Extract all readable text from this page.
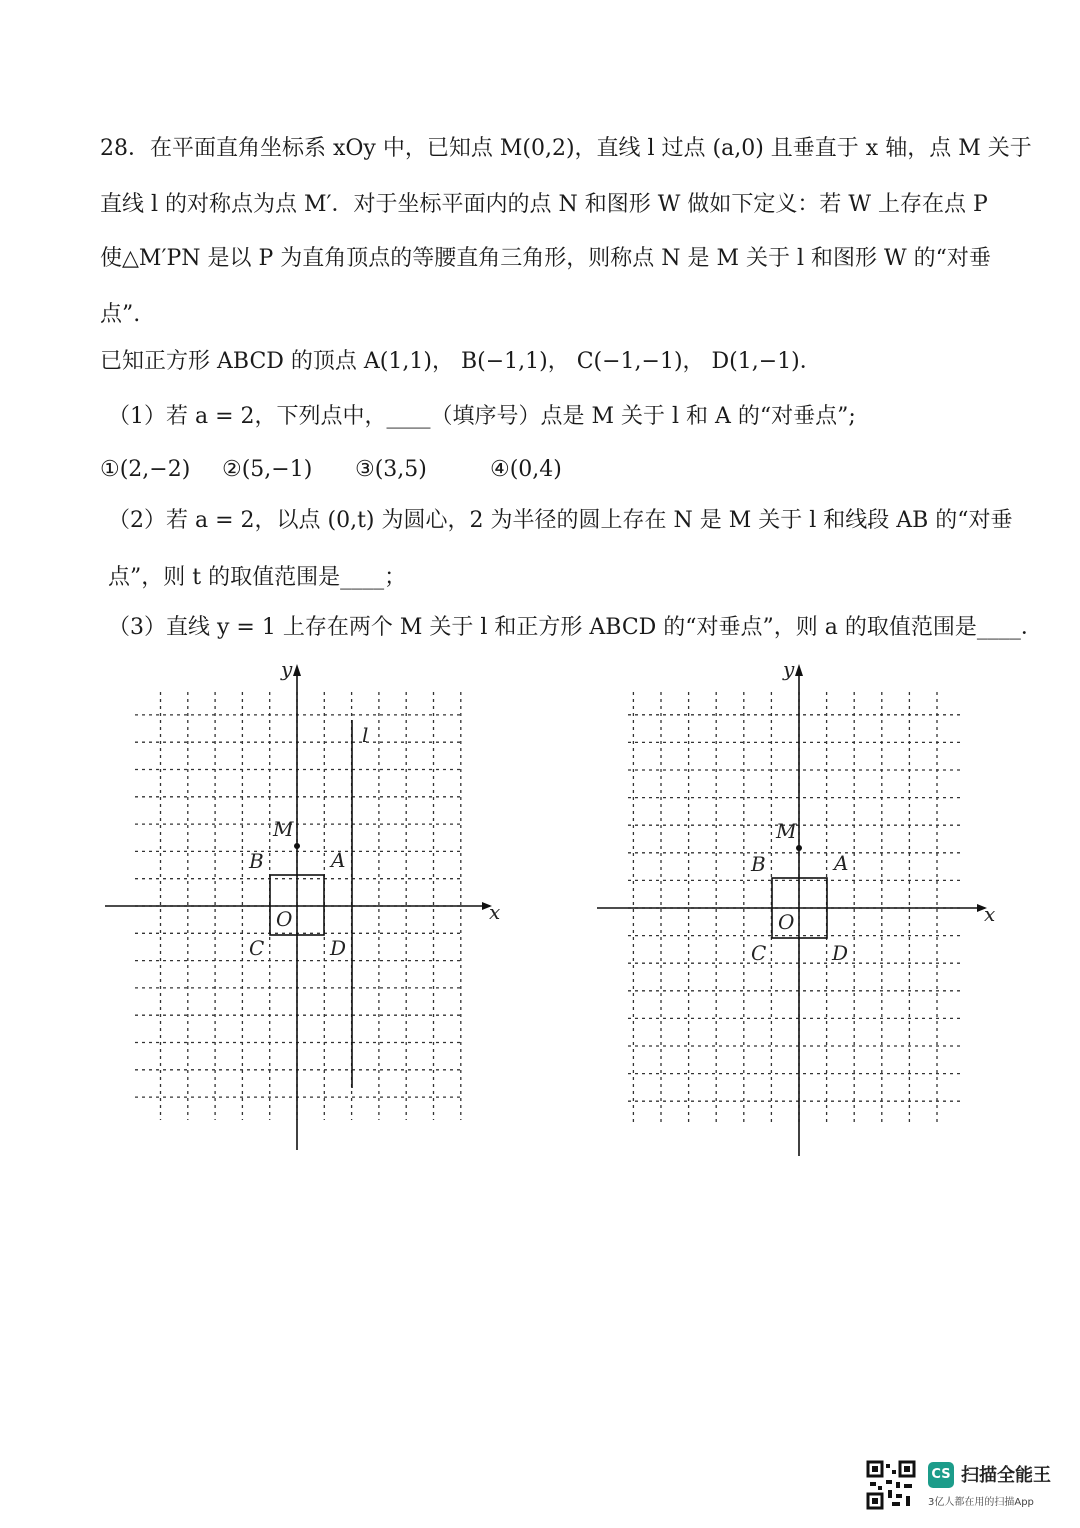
28．在平面直角坐标系 xOy 中，已知点 M(0,2)，直线 l 过点 (a,0) 且垂直于 x 轴，点 M 关于
直线 l 的对称点为点 M′．对于坐标平面内的点 N 和图形 W 做如下定义：若 W 上存在点 P
使△M′PN 是以 P 为直角顶点的等腰直角三角形，则称点 N 是 M 关于 l 和图形 W 的“对垂
点”.
已知正方形 ABCD 的顶点 A(1,1)， B(−1,1)， C(−1,−1)， D(1,−1)．
（1）若 a = 2，下列点中，____（填序号）点是 M 关于 l 和 A 的“对垂点”;
①(2,−2) ②(5,−1) ③(3,5)	④(0,4)
（2）若 a = 2，以点 (0,t) 为圆心，2 为半径的圆上存在 N 是 M 关于 l 和线段 AB 的“对垂
点”，则 t 的取值范围是____；
（3）直线 y = 1 上存在两个 M 关于 l 和正方形 ABCD 的“对垂点”，则 a 的取值范围是____．
y
x
O
M
A
B
C	D
l
y
x
O
M
A
B
C	D
CS 扫描全能王
3亿人都在用的扫描App
